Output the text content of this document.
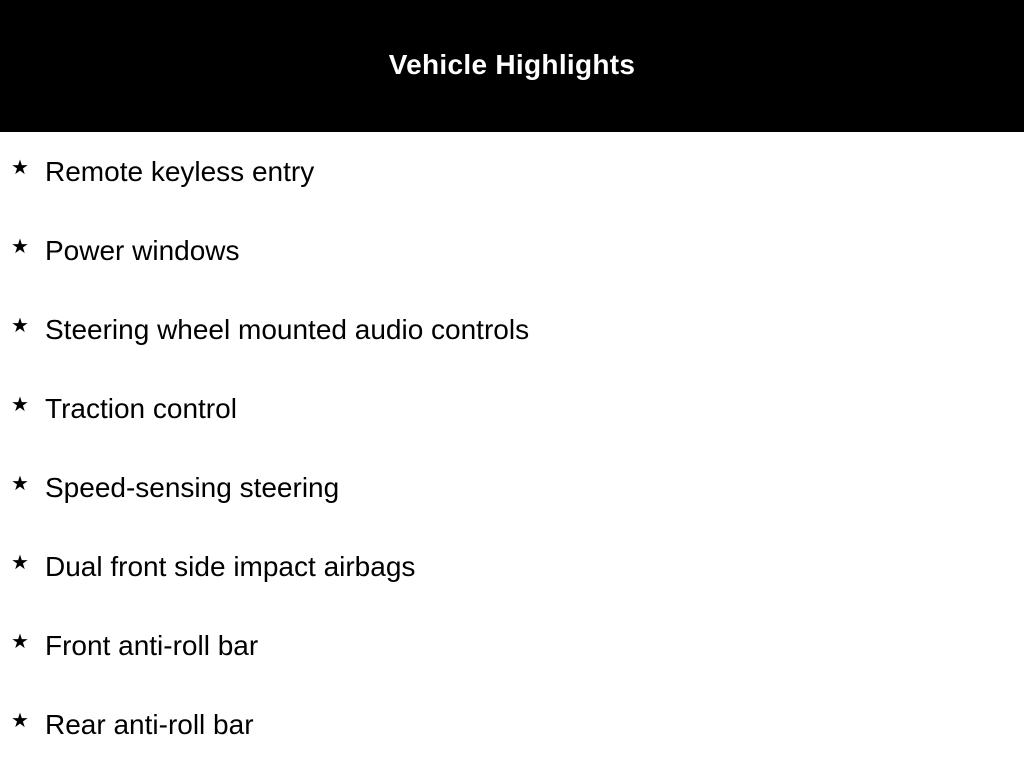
Vehicle Highlights
★ Remote keyless entry
★ Power windows
★ Steering wheel mounted audio controls
★ Traction control
★ Speed-sensing steering
★ Dual front side impact airbags
★ Front anti-roll bar
★ Rear anti-roll bar
